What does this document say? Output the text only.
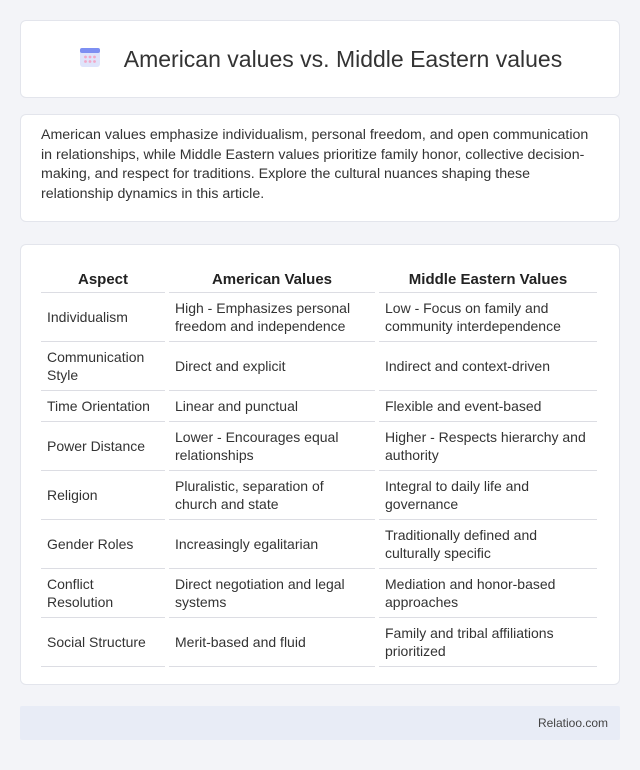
American values vs. Middle Eastern values

American values emphasize individualism, personal freedom, and open communication in relationships, while Middle Eastern values prioritize family honor, collective decision-making, and respect for traditions. Explore the cultural nuances shaping these relationship dynamics in this article.

Aspect	American Values	Middle Eastern Values
Individualism	High - Emphasizes personal freedom and independence	Low - Focus on family and community interdependence
Communication Style	Direct and explicit	Indirect and context-driven
Time Orientation	Linear and punctual	Flexible and event-based
Power Distance	Lower - Encourages equal relationships	Higher - Respects hierarchy and authority
Religion	Pluralistic, separation of church and state	Integral to daily life and governance
Gender Roles	Increasingly egalitarian	Traditionally defined and culturally specific
Conflict Resolution	Direct negotiation and legal systems	Mediation and honor-based approaches
Social Structure	Merit-based and fluid	Family and tribal affiliations prioritized
Relatioo.com
